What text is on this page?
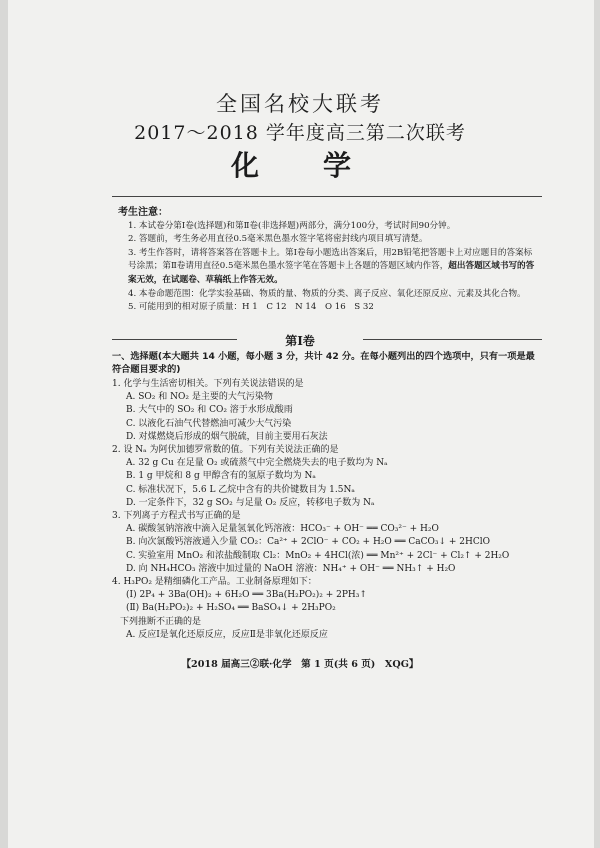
全国名校大联考
2017～2018 学年度高三第二次联考
化　学
考生注意：

1. 本试卷分第Ⅰ卷(选择题)和第Ⅱ卷(非选择题)两部分，满分100分，考试时间90分钟。

2. 答题前，考生务必用直径0.5毫米黑色墨水签字笔将密封线内项目填写清楚。

3. 考生作答时，请将答案答在答题卡上。第Ⅰ卷每小题选出答案后，用2B铅笔把答题卡上对应题目的答案标号涂黑；第Ⅱ卷请用直径0.5毫米黑色墨水签字笔在答题卡上各题的答题区域内作答，超出答题区域书写的答案无效，在试题卷、草稿纸上作答无效。

4. 本卷命题范围：化学实验基础、物质的量、物质的分类、离子反应、氧化还原反应、元素及其化合物。

5. 可能用到的相对原子质量：H 1　C 12　N 14　O 16　S 32

第Ⅰ卷
一、选择题(本大题共 14 小题，每小题 3 分，共计 42 分。在每小题列出的四个选项中，只有一项是最符合题目要求的)

1. 化学与生活密切相关。下列有关说法错误的是

A. SO₂ 和 NO₂ 是主要的大气污染物

B. 大气中的 SO₂ 和 CO₂ 溶于水形成酸雨

C. 以液化石油气代替燃油可减少大气污染

D. 对煤燃烧后形成的烟气脱硫，目前主要用石灰法

2. 设 Nₐ 为阿伏加德罗常数的值。下列有关说法正确的是

A. 32 g Cu 在足量 O₂ 或硫蒸气中完全燃烧失去的电子数均为 Nₐ

B. 1 g 甲烷和 8 g 甲醇含有的氢原子数均为 Nₐ

C. 标准状况下，5.6 L 乙烷中含有的共价键数目为 1.5Nₐ

D. 一定条件下，32 g SO₂ 与足量 O₂ 反应，转移电子数为 Nₐ

3. 下列离子方程式书写正确的是

A. 碳酸氢钠溶液中滴入足量氢氧化钙溶液：HCO₃⁻ + OH⁻ ══ CO₃²⁻ + H₂O

B. 向次氯酸钙溶液通入少量 CO₂：Ca²⁺ + 2ClO⁻ + CO₂ + H₂O ══ CaCO₃↓ + 2HClO

C. 实验室用 MnO₂ 和浓盐酸制取 Cl₂：MnO₂ + 4HCl(浓) ══ Mn²⁺ + 2Cl⁻ + Cl₂↑ + 2H₂O

D. 向 NH₄HCO₃ 溶液中加过量的 NaOH 溶液：NH₄⁺ + OH⁻ ══ NH₃↑ + H₂O

4. H₃PO₂ 是精细磷化工产品。工业制备原理如下：

(Ⅰ) 2P₄ + 3Ba(OH)₂ + 6H₂O ══ 3Ba(H₂PO₂)₂ + 2PH₃↑

(Ⅱ) Ba(H₂PO₂)₂ + H₂SO₄ ══ BaSO₄↓ + 2H₃PO₂

下列推断不正确的是

A. 反应Ⅰ是氧化还原反应，反应Ⅱ是非氧化还原反应

【2018 届高三②联·化学　第 1 页(共 6 页)　XQG】
